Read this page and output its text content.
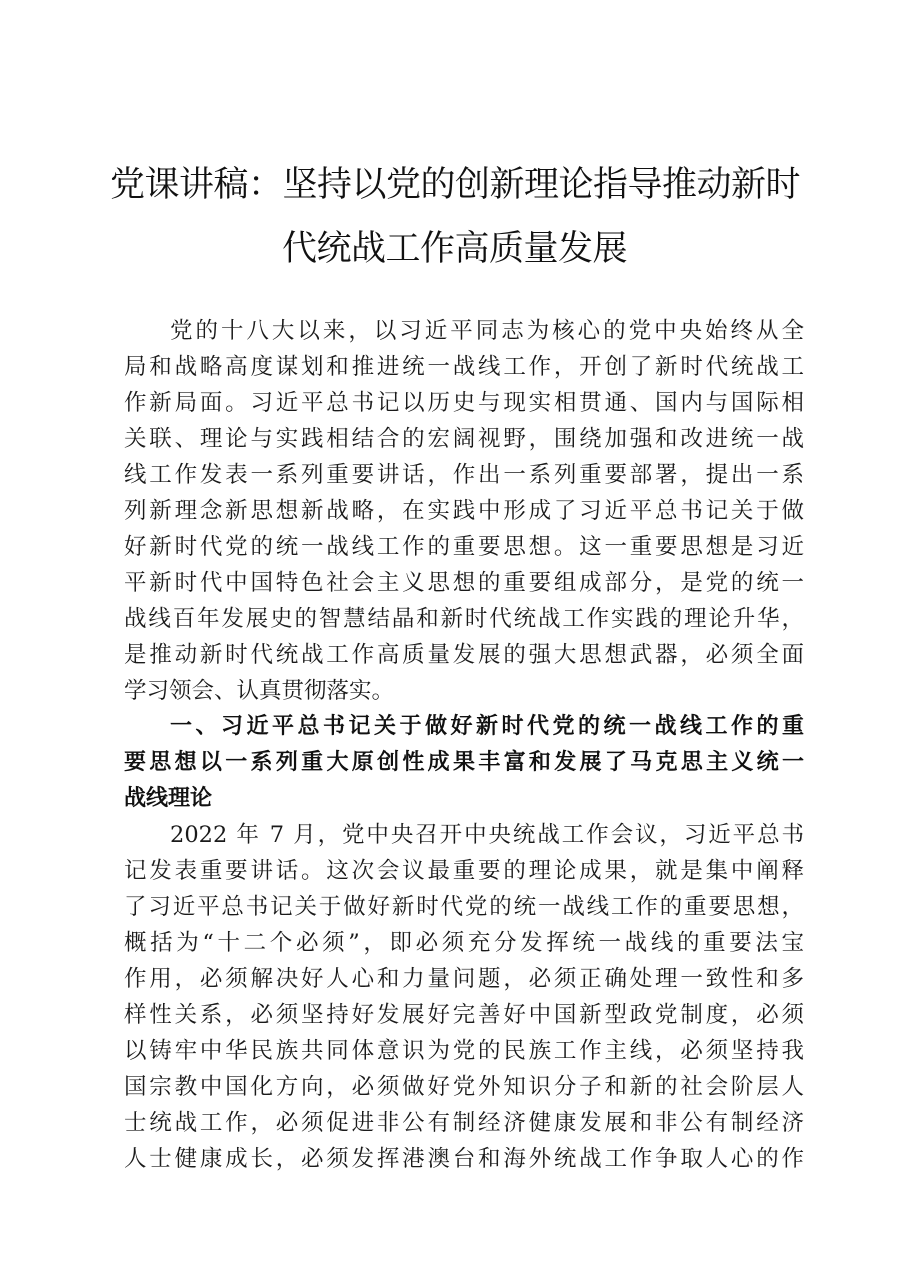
党课讲稿：坚持以党的创新理论指导推动新时
代统战工作高质量发展
党的十八大以来，以习近平同志为核心的党中央始终从全
局和战略高度谋划和推进统一战线工作，开创了新时代统战工
作新局面。习近平总书记以历史与现实相贯通、国内与国际相
关联、理论与实践相结合的宏阔视野，围绕加强和改进统一战
线工作发表一系列重要讲话，作出一系列重要部署，提出一系
列新理念新思想新战略，在实践中形成了习近平总书记关于做
好新时代党的统一战线工作的重要思想。这一重要思想是习近
平新时代中国特色社会主义思想的重要组成部分，是党的统一
战线百年发展史的智慧结晶和新时代统战工作实践的理论升华，
是推动新时代统战工作高质量发展的强大思想武器，必须全面
学习领会、认真贯彻落实。
一、习近平总书记关于做好新时代党的统一战线工作的重
要思想以一系列重大原创性成果丰富和发展了马克思主义统一
战线理论
2022 年 7 月，党中央召开中央统战工作会议，习近平总书
记发表重要讲话。这次会议最重要的理论成果，就是集中阐释
了习近平总书记关于做好新时代党的统一战线工作的重要思想，
概括为“十二个必须”，即必须充分发挥统一战线的重要法宝
作用，必须解决好人心和力量问题，必须正确处理一致性和多
样性关系，必须坚持好发展好完善好中国新型政党制度，必须
以铸牢中华民族共同体意识为党的民族工作主线，必须坚持我
国宗教中国化方向，必须做好党外知识分子和新的社会阶层人
士统战工作，必须促进非公有制经济健康发展和非公有制经济
人士健康成长，必须发挥港澳台和海外统战工作争取人心的作
